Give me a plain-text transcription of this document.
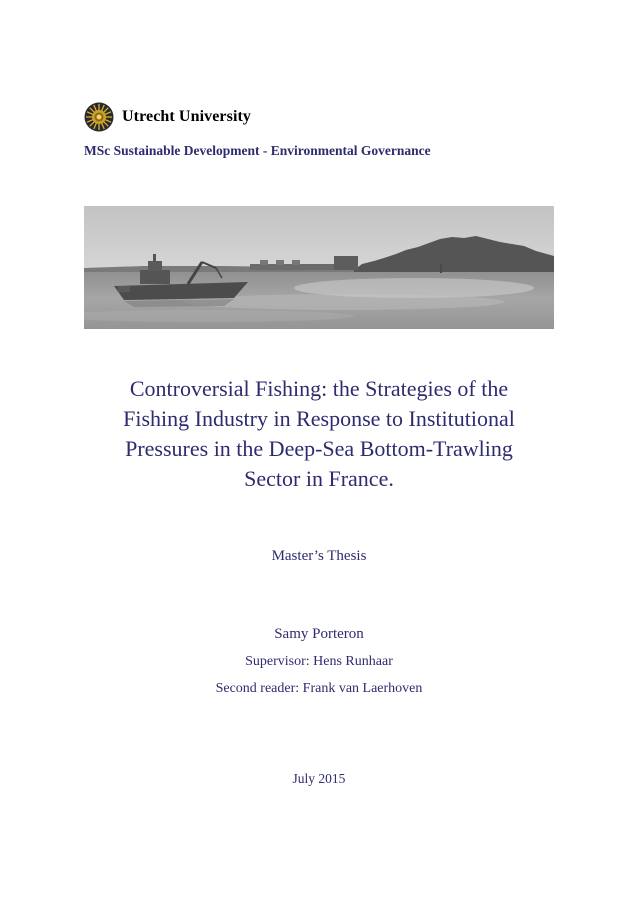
Utrecht University
MSc Sustainable Development - Environmental Governance
Controversial Fishing: the Strategies of the
Fishing Industry in Response to Institutional
Pressures in the Deep-Sea Bottom-Trawling
Sector in France.
Master’s Thesis
Samy Porteron
Supervisor: Hens Runhaar
Second reader: Frank van Laerhoven
July 2015
